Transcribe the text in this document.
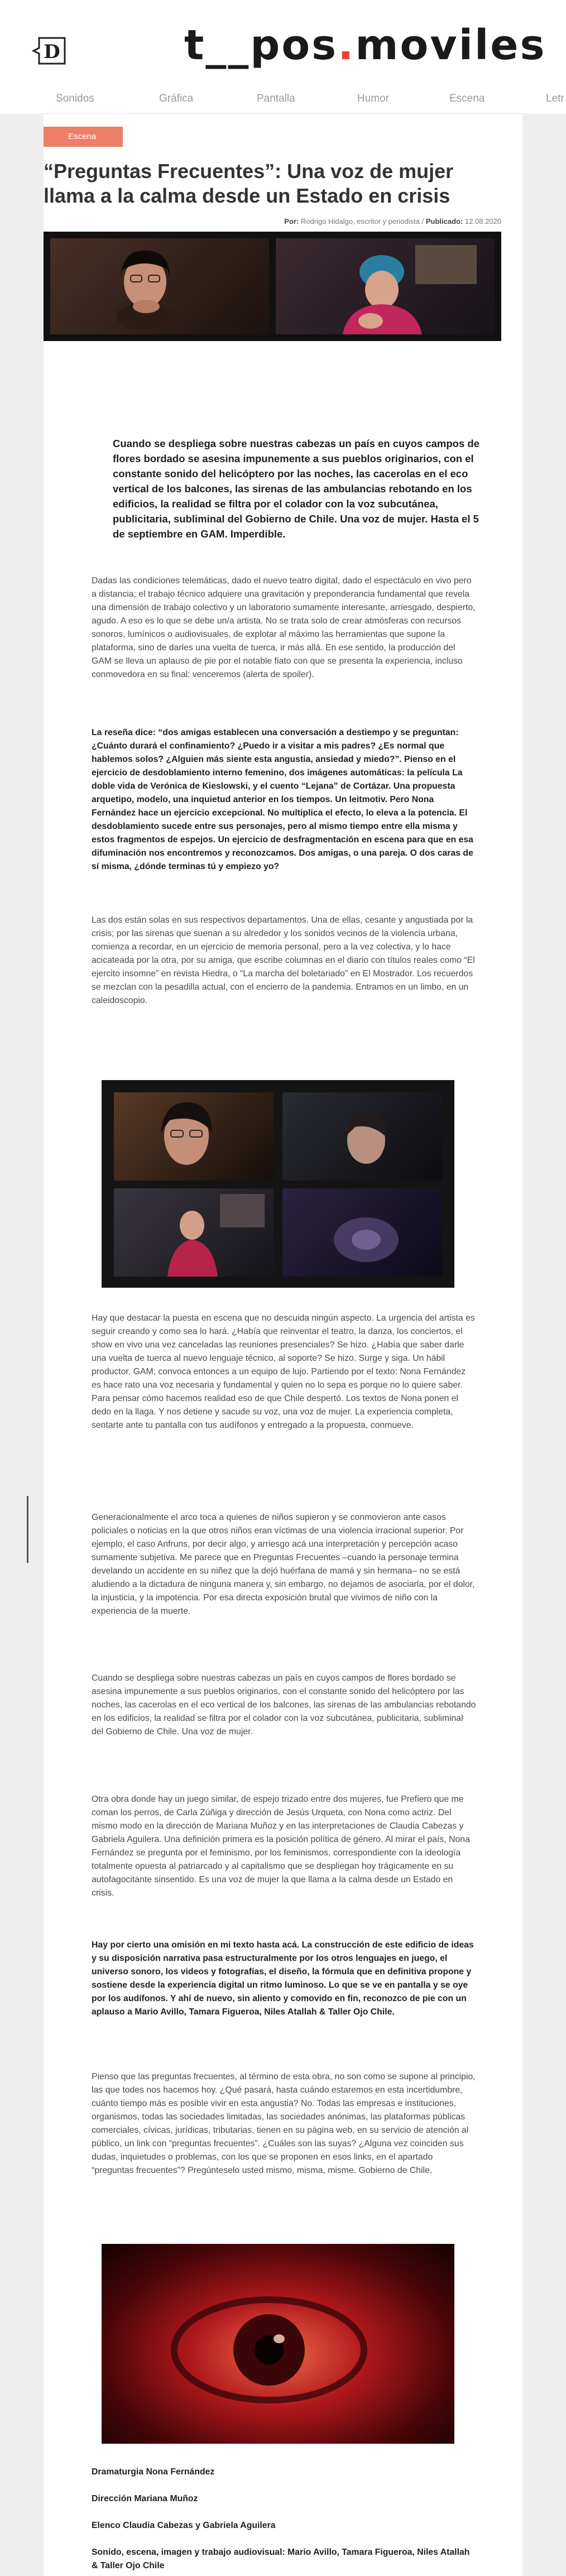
D	t__pos.moviles
Sonidos	Gráfica	Pantalla	Humor	Escena	Letr
Escena
“Preguntas Frecuentes”: Una voz de mujer llama a la calma desde un Estado en crisis
Por: Rodrigo Hidalgo, escritor y periodista / Publicado: 12.08.2020

Cuando se despliega sobre nuestras cabezas un país en cuyos campos de flores bordado se asesina impunemente a sus pueblos originarios, con el constante sonido del helicóptero por las noches, las cacerolas en el eco vertical de los balcones, las sirenas de las ambulancias rebotando en los edificios, la realidad se filtra por el colador con la voz subcutánea, publicitaria, subliminal del Gobierno de Chile. Una voz de mujer. Hasta el 5 de septiembre en GAM. Imperdible.

Dadas las condiciones telemáticas, dado el nuevo teatro digital, dado el espectáculo en vivo pero a distancia; el trabajo técnico adquiere una gravitación y preponderancia fundamental que revela una dimensión de trabajo colectivo y un laboratorio sumamente interesante, arriesgado, despierto, agudo. A eso es lo que se debe un/a artista. No se trata solo de crear atmósferas con recursos sonoros, lumínicos o audiovisuales, de explotar al máximo las herramientas que supone la plataforma, sino de darles una vuelta de tuerca, ir más allá. En ese sentido, la producción del GAM se lleva un aplauso de pie por el notable fiato con que se presenta la experiencia, incluso conmovedora en su final: venceremos (alerta de spoiler).

La reseña dice: “dos amigas establecen una conversación a destiempo y se preguntan: ¿Cuánto durará el confinamiento? ¿Puedo ir a visitar a mis padres? ¿Es normal que hablemos solos? ¿Alguien más siente esta angustia, ansiedad y miedo?”. Pienso en el ejercicio de desdoblamiento interno femenino, dos imágenes automáticas: la película La doble vida de Verónica de Kieslowski, y el cuento “Lejana” de Cortázar. Una propuesta arquetipo, modelo, una inquietud anterior en los tiempos. Un leitmotiv. Pero Nona Fernández hace un ejercicio excepcional. No multiplica el efecto, lo eleva a la potencia. El desdoblamiento sucede entre sus personajes, pero al mismo tiempo entre ella misma y estos fragmentos de espejos. Un ejercicio de desfragmentación en escena para que en esa difuminación nos encontremos y reconozcamos. Dos amigas, o una pareja. O dos caras de sí misma, ¿dónde terminas tú y empiezo yo?

Las dos están solas en sus respectivos departamentos. Una de ellas, cesante y angustiada por la crisis; por las sirenas que suenan a su alrededor y los sonidos vecinos de la violencia urbana, comienza a recordar, en un ejercicio de memoria personal, pero a la vez colectiva, y lo hace acicateada por la otra, por su amiga, que escribe columnas en el diario con títulos reales como “El ejercito insomne” en revista Hiedra, o “La marcha del boletariado” en El Mostrador. Los recuerdos se mezclan con la pesadilla actual, con el encierro de la pandemia. Entramos en un limbo, en un caleidoscopio.

Hay que destacar la puesta en escena que no descuida ningún aspecto. La urgencia del artista es seguir creando y como sea lo hará. ¿Había que reinventar el teatro, la danza, los conciertos, el show en vivo una vez canceladas las reuniones presenciales? Se hizo. ¿Había que saber darle una vuelta de tuerca al nuevo lenguaje técnico, al soporte? Se hizo. Surge y siga. Un hábil productor, GAM, convoca entonces a un equipo de lujo. Partiendo por el texto: Nona Fernández es hace rato una voz necesaria y fundamental y quien no lo sepa es porque no lo quiere saber. Para pensar cómo hacemos realidad eso de que Chile despertó. Los textos de Nona ponen el dedo en la llaga. Y nos detiene y sacude su voz, una voz de mujer. La experiencia completa, sentarte ante tu pantalla con tus audífonos y entregado a la propuesta, conmueve.

Generacionalmente el arco toca a quienes de niños supieron y se conmovieron ante casos policiales o noticias en la que otros niños eran víctimas de una violencia irracional superior. Por ejemplo, el caso Anfruns, por decir algo, y arriesgo acá una interpretación y percepción acaso sumamente subjetiva. Me parece que en Preguntas Frecuentes –cuando la personaje termina develando un accidente en su niñez que la dejó huérfana de mamá y sin hermana– no se está aludiendo a la dictadura de ninguna manera y, sin embargo, no dejamos de asociarla, por el dolor, la injusticia, y la impotencia. Por esa directa exposición brutal que vivimos de niño con la experiencia de la muerte.

Cuando se despliega sobre nuestras cabezas un país en cuyos campos de flores bordado se asesina impunemente a sus pueblos originarios, con el constante sonido del helicóptero por las noches, las cacerolas en el eco vertical de los balcones, las sirenas de las ambulancias rebotando en los edificios, la realidad se filtra por el colador con la voz subcutánea, publicitaria, subliminal del Gobierno de Chile. Una voz de mujer.

Otra obra donde hay un juego similar, de espejo trizado entre dos mujeres, fue Prefiero que me coman los perros, de Carla Zúñiga y dirección de Jesús Urqueta, con Nona como actriz. Del mismo modo en la dirección de Mariana Muñoz y en las interpretaciones de Claudia Cabezas y Gabriela Aguilera. Una definición primera es la posición política de género. Al mirar el país, Nona Fernández se pregunta por el feminismo, por los feminismos, correspondiente con la ideología totalmente opuesta al patriarcado y al capitalismo que se despliegan hoy trágicamente en su autofagocitante sinsentido. Es una voz de mujer la que llama a la calma desde un Estado en crisis.

Hay por cierto una omisión en mi texto hasta acá. La construcción de este edificio de ideas y su disposición narrativa pasa estructuralmente por los otros lenguajes en juego, el universo sonoro, los videos y fotografías, el diseño, la fórmula que en definitiva propone y sostiene desde la experiencia digital un ritmo luminoso. Lo que se ve en pantalla y se oye por los audífonos. Y ahí de nuevo, sin aliento y comovido en fin, reconozco de pie con un aplauso a Mario Avillo, Tamara Figueroa, Niles Atallah & Taller Ojo Chile.

Pienso que las preguntas frecuentes, al término de esta obra, no son como se supone al principio, las que todes nos hacemos hoy. ¿Qué pasará, hasta cuándo estaremos en esta incertidumbre, cuánto tiempo más es posible vivir en esta angustia? No. Todas las empresas e instituciones, organismos, todas las sociedades limitadas, las sociedades anónimas, las plataformas públicas comerciales, cívicas, jurídicas, tributarias, tienen en su página web, en su servicio de atención al público, un link con “preguntas frecuentes”. ¿Cuáles son las suyas? ¿Alguna vez coinciden sus dudas, inquietudes o problemas, con los que se proponen en esos links, en el apartado “preguntas frecuentes”? Pregúnteselo usted mismo, misma, misme. Gobierno de Chile.

Dramaturgia Nona Fernández

Dirección Mariana Muñoz

Elenco Claudia Cabezas y Gabriela Aguilera

Sonido, escena, imagen y trabajo audiovisual: Mario Avillo, Tamara Figueroa, Niles Atallah & Taller Ojo Chile
